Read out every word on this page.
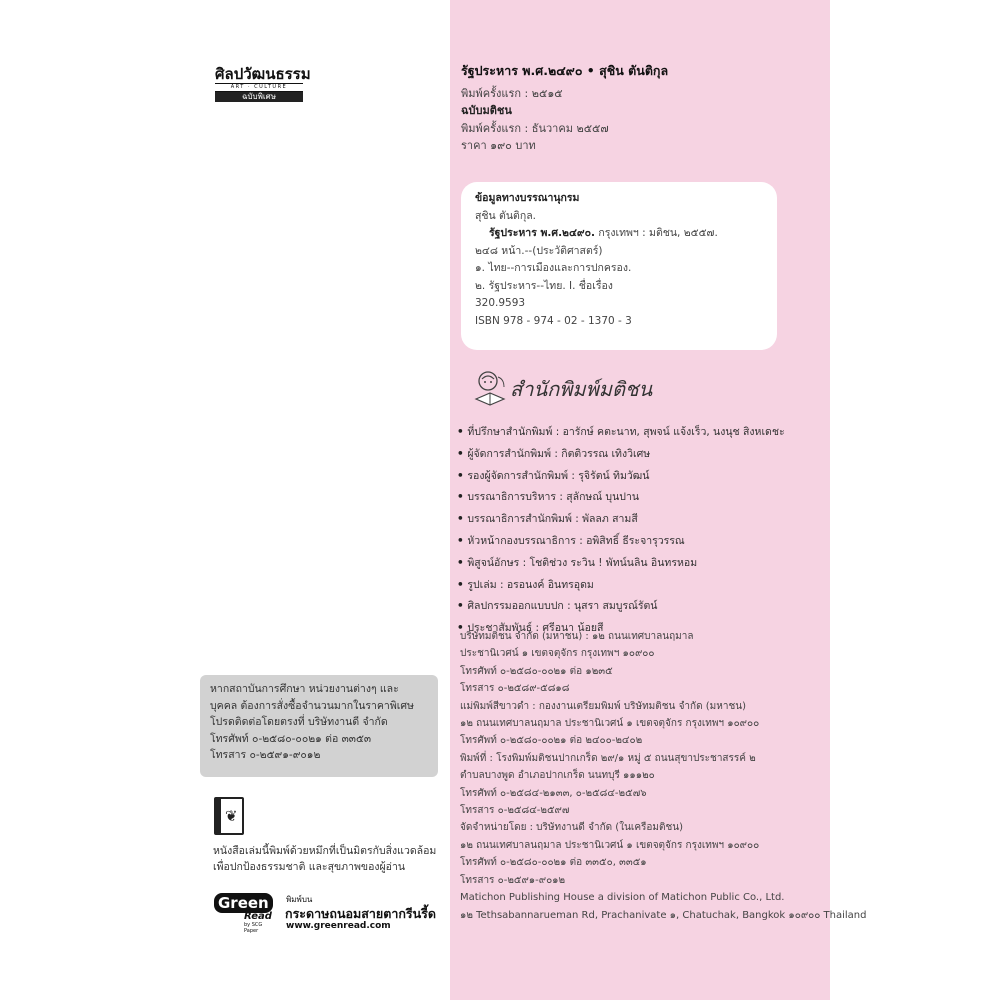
ศิลปวัฒนธรรม
ART · CULTURE
ฉบับพิเศษ
หากสถาบันการศึกษา หน่วยงานต่างๆ และ
บุคคล ต้องการสั่งซื้อจำนวนมากในราคาพิเศษ
โปรดติดต่อโดยตรงที่ บริษัทงานดี จำกัด
โทรศัพท์ ๐-๒๕๘๐-๐๐๒๑ ต่อ ๓๓๕๓
โทรสาร ๐-๒๕๙๑-๙๐๑๒
❦
หนังสือเล่มนี้พิมพ์ด้วยหมึกที่เป็นมิตรกับสิ่งแวดล้อม
เพื่อปกป้องธรรมชาติ และสุขภาพของผู้อ่าน
Green
Read
by SCG Paper
พิมพ์บน
กระดาษถนอมสายตากรีนรี้ด
www.greenread.com
รัฐประหาร พ.ศ.๒๔๙๐ • สุชิน ตันติกุล
พิมพ์ครั้งแรก : ๒๕๑๕
ฉบับมติชน
พิมพ์ครั้งแรก : ธันวาคม ๒๕๕๗
ราคา ๑๙๐ บาท
ข้อมูลทางบรรณานุกรม
สุชิน ตันติกุล.
รัฐประหาร พ.ศ.๒๔๙๐. กรุงเทพฯ : มติชน, ๒๕๕๗.
๒๔๘ หน้า.--(ประวัติศาสตร์)
๑. ไทย--การเมืองและการปกครอง.
๒. รัฐประหาร--ไทย. I. ชื่อเรื่อง
320.9593
ISBN 978 - 974 - 02 - 1370 - 3
สำนักพิมพ์มติชน
• ที่ปรึกษาสำนักพิมพ์ : อารักษ์ คตะนาท, สุพจน์ แจ้งเร็ว, นงนุช สิงหเดชะ
• ผู้จัดการสำนักพิมพ์ : กิตติวรรณ เทิงวิเศษ
• รองผู้จัดการสำนักพิมพ์ : รุจิรัตน์ ทิมวัฒน์
• บรรณาธิการบริหาร : สุลักษณ์ บุนปาน
• บรรณาธิการสำนักพิมพ์ : พัลลภ สามสี
• หัวหน้ากองบรรณาธิการ : อพิสิทธิ์ ธีระจารุวรรณ
• พิสูจน์อักษร : โชติช่วง ระวิน ! พัทน์นลิน อินทรหอม
• รูปเล่ม : อรอนงค์ อินทรอุดม
• ศิลปกรรมออกแบบปก : นุสรา สมบูรณ์รัตน์
• ประชาสัมพันธ์ : ศรีอนา น้อยสี
บริษัทมติชน จำกัด (มหาชน) : ๑๒ ถนนเทศบาลนฤมาล
ประชานิเวศน์ ๑ เขตจตุจักร กรุงเทพฯ ๑๐๙๐๐
โทรศัพท์ ๐-๒๕๘๐-๐๐๒๑ ต่อ ๑๒๓๕
โทรสาร ๐-๒๕๘๙-๕๘๑๘
แม่พิมพ์สีขาวดำ : กองงานเตรียมพิมพ์ บริษัทมติชน จำกัด (มหาชน)
๑๒ ถนนเทศบาลนฤมาล ประชานิเวศน์ ๑ เขตจตุจักร กรุงเทพฯ ๑๐๙๐๐
โทรศัพท์ ๐-๒๕๘๐-๐๐๒๑ ต่อ ๒๔๐๐-๒๔๐๒
พิมพ์ที่ : โรงพิมพ์มติชนปากเกร็ด ๒๙/๑ หมู่ ๕ ถนนสุขาประชาสรรค์ ๒
ตำบลบางพูด อำเภอปากเกร็ด นนทบุรี ๑๑๑๒๐
โทรศัพท์ ๐-๒๕๘๔-๒๑๓๓, ๐-๒๕๘๔-๒๕๗๖
โทรสาร ๐-๒๕๘๔-๒๕๙๗
จัดจำหน่ายโดย : บริษัทงานดี จำกัด (ในเครือมติชน)
๑๒ ถนนเทศบาลนฤมาล ประชานิเวศน์ ๑ เขตจตุจักร กรุงเทพฯ ๑๐๙๐๐
โทรศัพท์ ๐-๒๕๘๐-๐๐๒๑ ต่อ ๓๓๕๐, ๓๓๕๑
โทรสาร ๐-๒๕๙๑-๙๐๑๒
Matichon Publishing House a division of Matichon Public Co., Ltd.
๑๒ Tethsabannarueman Rd, Prachanivate ๑, Chatuchak, Bangkok ๑๐๙๐๐ Thailand
